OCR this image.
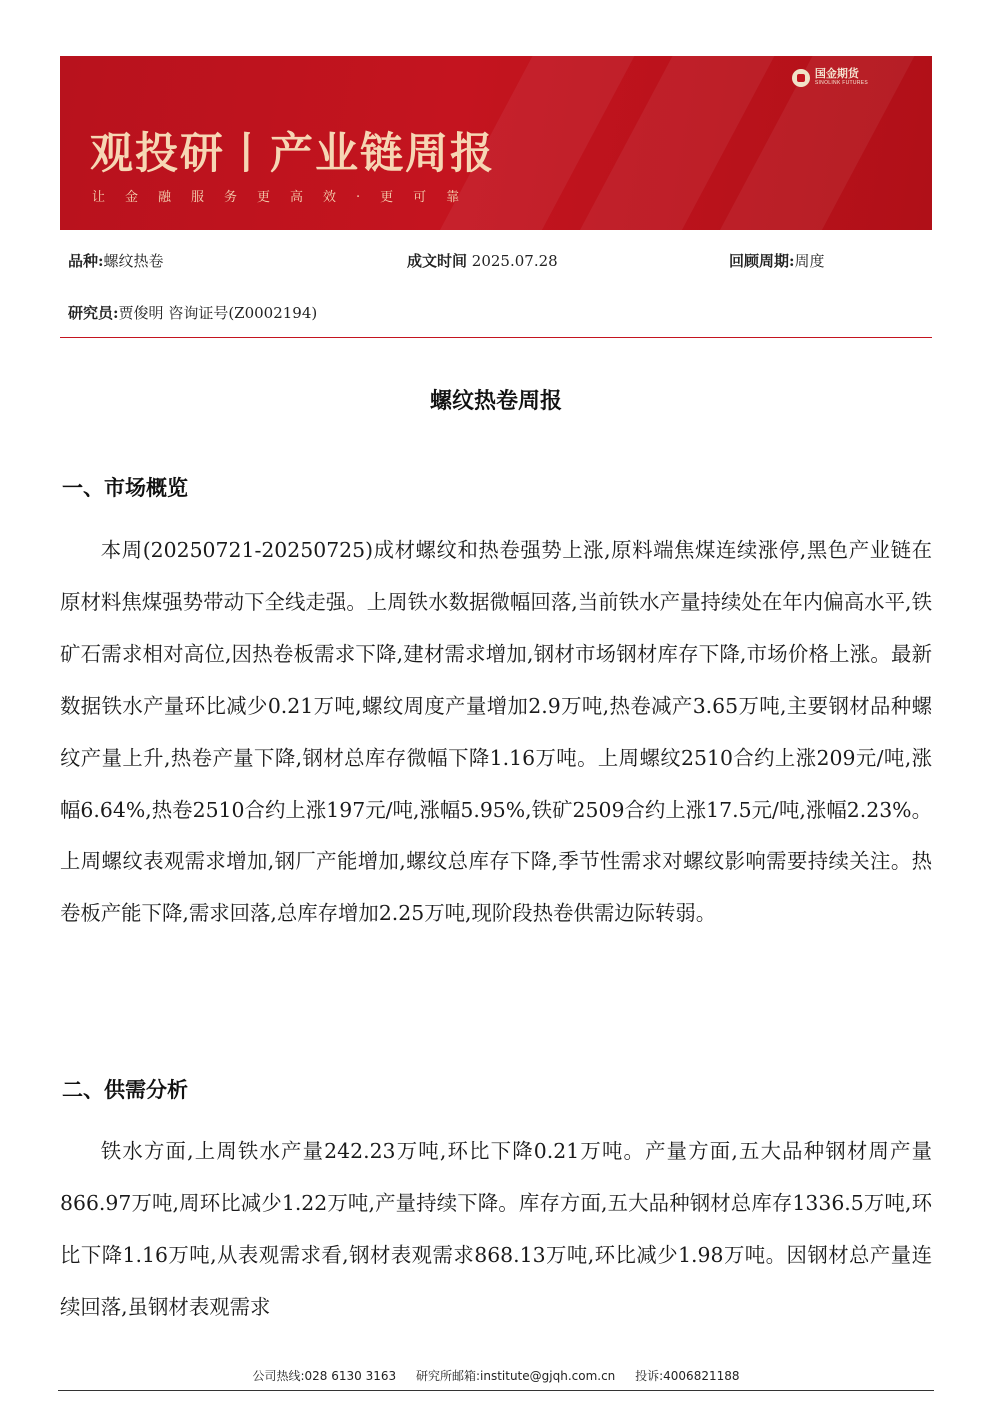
观投研丨产业链周报
让金融服务更高效·更可靠
国金期货
SINOLINK FUTURES
品种:螺纹热卷	成文时间 2025.07.28	回顾周期:周度
研究员:贾俊明 咨询证号(Z0002194)
螺纹热卷周报
一、市场概览

本周(20250721-20250725)成材螺纹和热卷强势上涨,原料端焦煤连续涨停,黑色产业链在原材料焦煤强势带动下全线走强。上周铁水数据微幅回落,当前铁水产量持续处在年内偏高水平,铁矿石需求相对高位,因热卷板需求下降,建材需求增加,钢材市场钢材库存下降,市场价格上涨。最新数据铁水产量环比减少0.21万吨,螺纹周度产量增加2.9万吨,热卷减产3.65万吨,主要钢材品种螺纹产量上升,热卷产量下降,钢材总库存微幅下降1.16万吨。上周螺纹2510合约上涨209元/吨,涨幅6.64%,热卷2510合约上涨197元/吨,涨幅5.95%,铁矿2509合约上涨17.5元/吨,涨幅2.23%。上周螺纹表观需求增加,钢厂产能增加,螺纹总库存下降,季节性需求对螺纹影响需要持续关注。热卷板产能下降,需求回落,总库存增加2.25万吨,现阶段热卷供需边际转弱。

二、供需分析

铁水方面,上周铁水产量242.23万吨,环比下降0.21万吨。产量方面,五大品种钢材周产量866.97万吨,周环比减少1.22万吨,产量持续下降。库存方面,五大品种钢材总库存1336.5万吨,环比下降1.16万吨,从表观需求看,钢材表观需求868.13万吨,环比减少1.98万吨。因钢材总产量连续回落,虽钢材表观需求

公司热线:028 6130 3163 研究所邮箱:institute@gjqh.com.cn 投诉:4006821188
